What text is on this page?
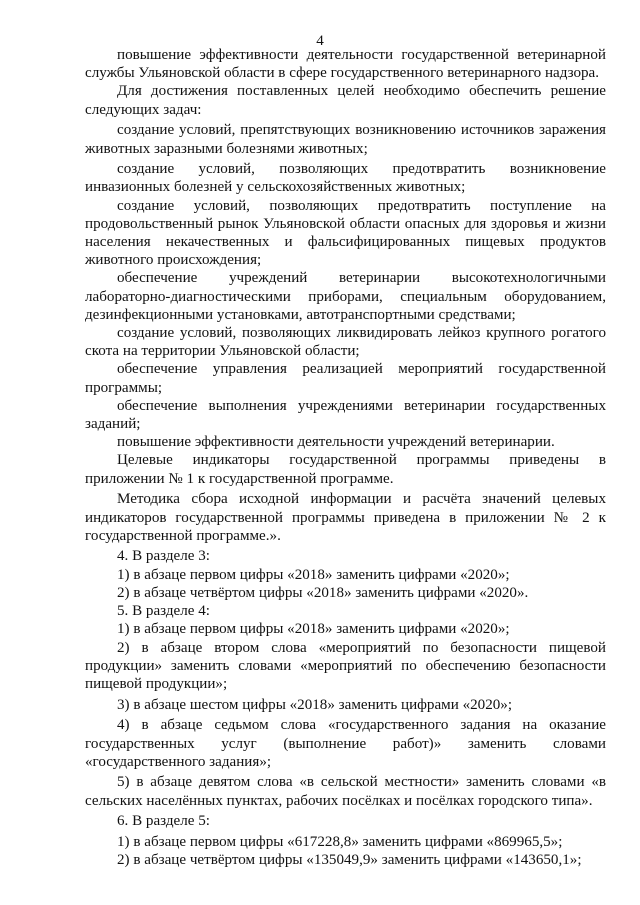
4

повышение эффективности деятельности государственной ветеринарной службы Ульяновской области в сфере государственного ветеринарного надзора.

Для достижения поставленных целей необходимо обеспечить решение следующих задач:

создание условий, препятствующих возникновению источников заражения животных заразными болезнями животных;

создание условий, позволяющих предотвратить возникновение инвазионных болезней у сельскохозяйственных животных;

создание условий, позволяющих предотвратить поступление на продовольственный рынок Ульяновской области опасных для здоровья и жизни населения некачественных и фальсифицированных пищевых продуктов животного происхождения;

обеспечение учреждений ветеринарии высокотехнологичными лабораторно-диагностическими приборами, специальным оборудованием, дезинфекционными установками, автотранспортными средствами;

создание условий, позволяющих ликвидировать лейкоз крупного рогатого скота на территории Ульяновской области;

обеспечение управления реализацией мероприятий государственной программы;

обеспечение выполнения учреждениями ветеринарии государственных заданий;

повышение эффективности деятельности учреждений ветеринарии.

Целевые индикаторы государственной программы приведены в приложении № 1 к государственной программе.

Методика сбора исходной информации и расчёта значений целевых индикаторов государственной программы приведена в приложении № 2 к государственной программе.».

4. В разделе 3:

1) в абзаце первом цифры «2018» заменить цифрами «2020»;

2) в абзаце четвёртом цифры «2018» заменить цифрами «2020».

5. В разделе 4:

1) в абзаце первом цифры «2018» заменить цифрами «2020»;

2) в абзаце втором слова «мероприятий по безопасности пищевой продукции» заменить словами «мероприятий по обеспечению безопасности пищевой продукции»;

3) в абзаце шестом цифры «2018» заменить цифрами «2020»;

4) в абзаце седьмом слова «государственного задания на оказание государственных услуг (выполнение работ)» заменить словами «государственного задания»;

5) в абзаце девятом слова «в сельской местности» заменить словами «в сельских населённых пунктах, рабочих посёлках и посёлках городского типа».

6. В разделе 5:

1) в абзаце первом цифры «617228,8» заменить цифрами «869965,5»;

2) в абзаце четвёртом цифры «135049,9» заменить цифрами «143650,1»;
